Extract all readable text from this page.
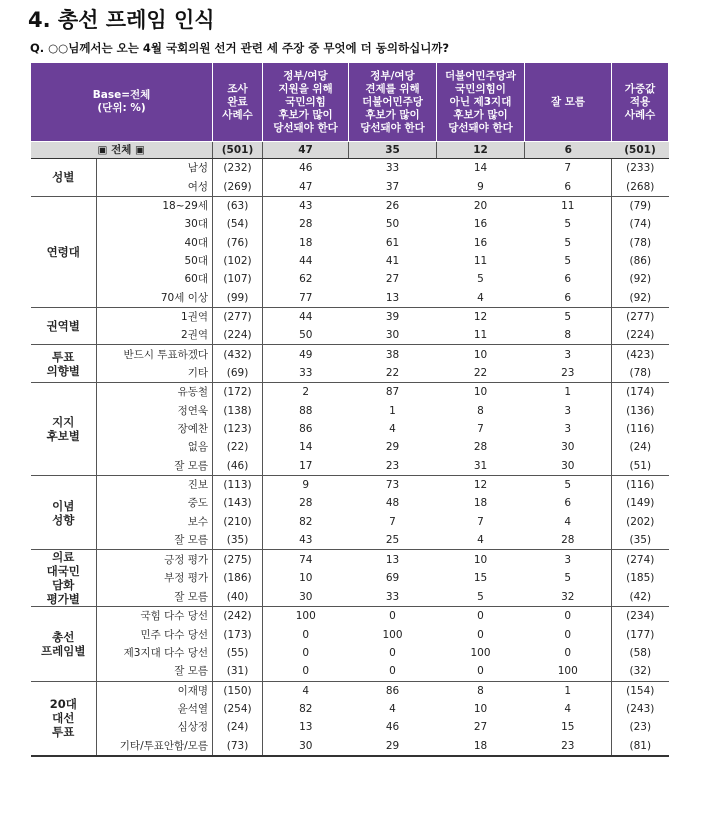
4. 총선 프레임 인식
Q. ○○님께서는 오는 4월 국회의원 선거 관련 세 주장 중 무엇에 더 동의하십니까?
Base=전체
(단위: %)		조사
완료
사례수	정부/여당
지원을 위해
국민의힘
후보가 많이
당선돼야 한다	정부/여당
견제를 위해
더불어민주당
후보가 많이
당선돼야 한다	더불어민주당과
국민의힘이
아닌 제3지대
후보가 많이
당선돼야 한다	잘 모름	가중값
적용
사례수
▣ 전체 ▣		(501)	47	35	12	6	(501)
성별	남성	(232)	46	33	14	7	(233)
	여성	(269)	47	37	9	6	(268)
연령대	18~29세	(63)	43	26	20	11	(79)
	30대	(54)	28	50	16	5	(74)
	40대	(76)	18	61	16	5	(78)
	50대	(102)	44	41	11	5	(86)
	60대	(107)	62	27	5	6	(92)
	70세 이상	(99)	77	13	4	6	(92)
권역별	1권역	(277)	44	39	12	5	(277)
	2권역	(224)	50	30	11	8	(224)
투표
의향별	반드시 투표하겠다	(432)	49	38	10	3	(423)
	기타	(69)	33	22	22	23	(78)
지지
후보별	유동철	(172)	2	87	10	1	(174)
	정연욱	(138)	88	1	8	3	(136)
	장예찬	(123)	86	4	7	3	(116)
	없음	(22)	14	29	28	30	(24)
	잘 모름	(46)	17	23	31	30	(51)
이념
성향	진보	(113)	9	73	12	5	(116)
	중도	(143)	28	48	18	6	(149)
	보수	(210)	82	7	7	4	(202)
	잘 모름	(35)	43	25	4	28	(35)
의료
대국민
담화
평가별	긍정 평가	(275)	74	13	10	3	(274)
	부정 평가	(186)	10	69	15	5	(185)
	잘 모름	(40)	30	33	5	32	(42)
총선
프레임별	국힘 다수 당선	(242)	100	0	0	0	(234)
	민주 다수 당선	(173)	0	100	0	0	(177)
	제3지대 다수 당선	(55)	0	0	100	0	(58)
	잘 모름	(31)	0	0	0	100	(32)
20대
대선
투표	이재명	(150)	4	86	8	1	(154)
	윤석열	(254)	82	4	10	4	(243)
	심상정	(24)	13	46	27	15	(23)
	기타/투표안함/모름	(73)	30	29	18	23	(81)
